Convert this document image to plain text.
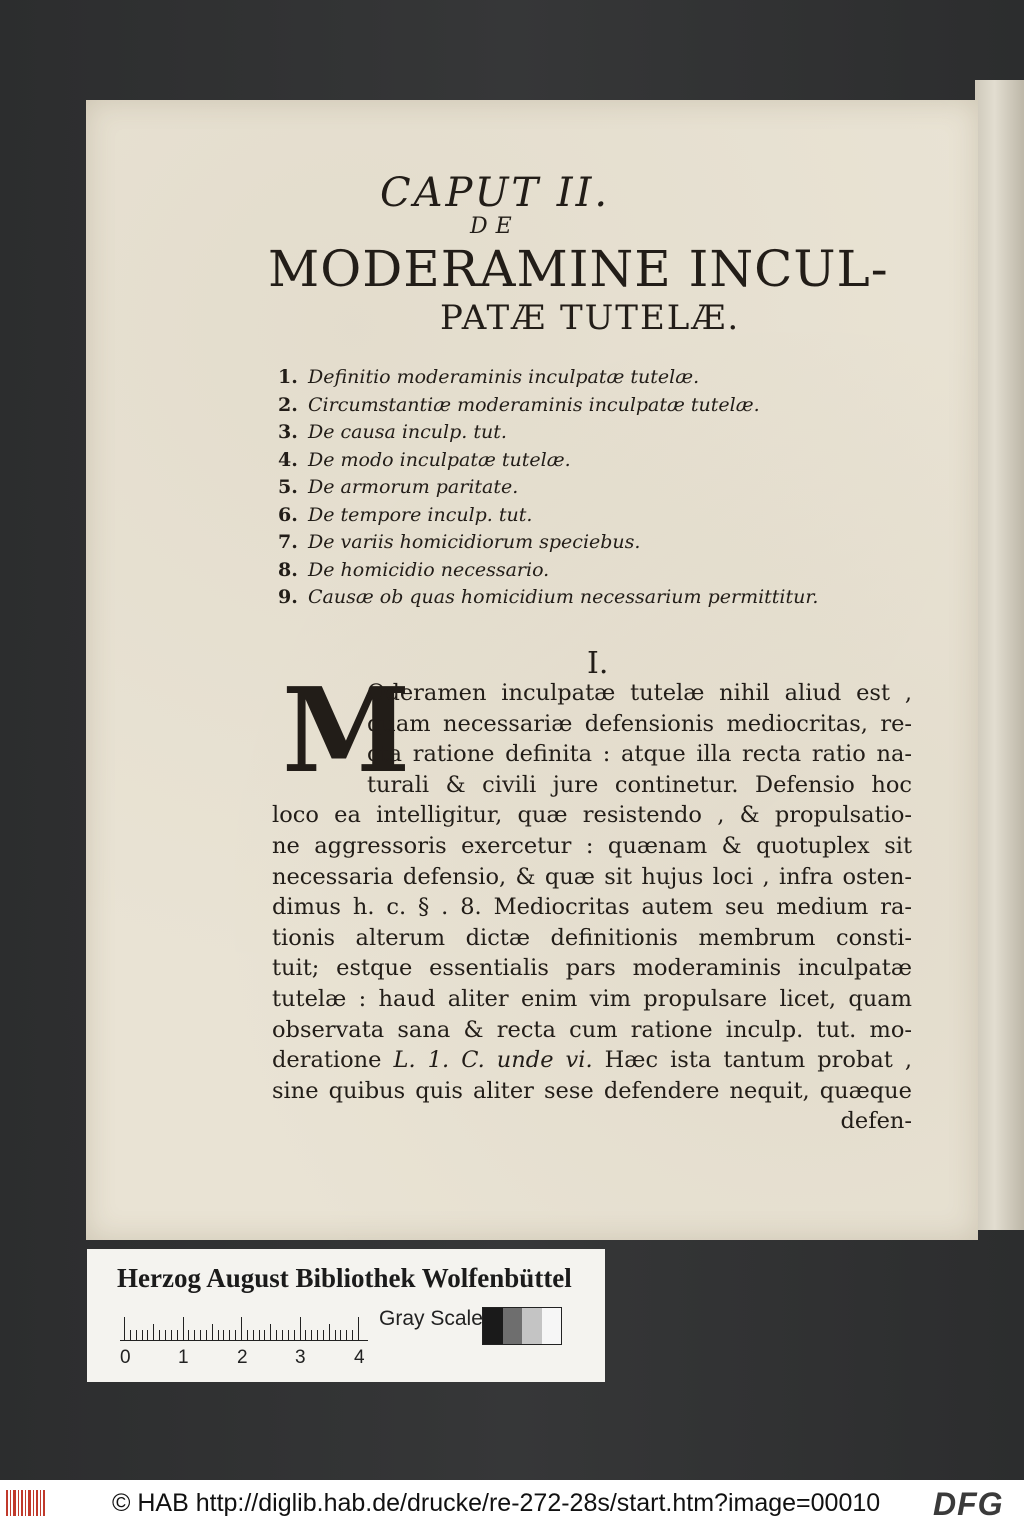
CAPUT II.
DE
MODERAMINE INCUL-
PATÆ TUTELÆ.
1. Definitio moderaminis inculpatæ tutelæ.
2. Circumstantiæ moderaminis inculpatæ tutelæ.
3. De causa inculp. tut.
4. De modo inculpatæ tutelæ.
5. De armorum paritate.
6. De tempore inculp. tut.
7. De variis homicidiorum speciebus.
8. De homicidio necessario.
9. Causæ ob quas homicidium necessarium permittitur.
I.
M
Oderamen inculpatæ tutelæ nihil aliud est ,
quam necessariæ defensionis mediocritas, re-
cta ratione definita : atque illa recta ratio na-
turali & civili jure continetur. Defensio hoc
loco ea intelligitur, quæ resistendo , & propulsatio-
ne aggressoris exercetur : quænam & quotuplex sit
necessaria defensio, & quæ sit hujus loci , infra osten-
dimus h. c. § . 8. Mediocritas autem seu medium ra-
tionis alterum dictæ definitionis membrum consti-
tuit; estque essentialis pars moderaminis inculpatæ
tutelæ : haud aliter enim vim propulsare licet, quam
observata sana & recta cum ratione inculp. tut. mo-
deratione L. 1. C. unde vi. Hæc ista tantum probat ,
sine quibus quis aliter sese defendere nequit, quæque
defen-
Herzog August Bibliothek Wolfenbüttel
0 1	2 3	4
Gray Scale
© HAB http://diglib.hab.de/drucke/re-272-28s/start.htm?image=00010 DFG
